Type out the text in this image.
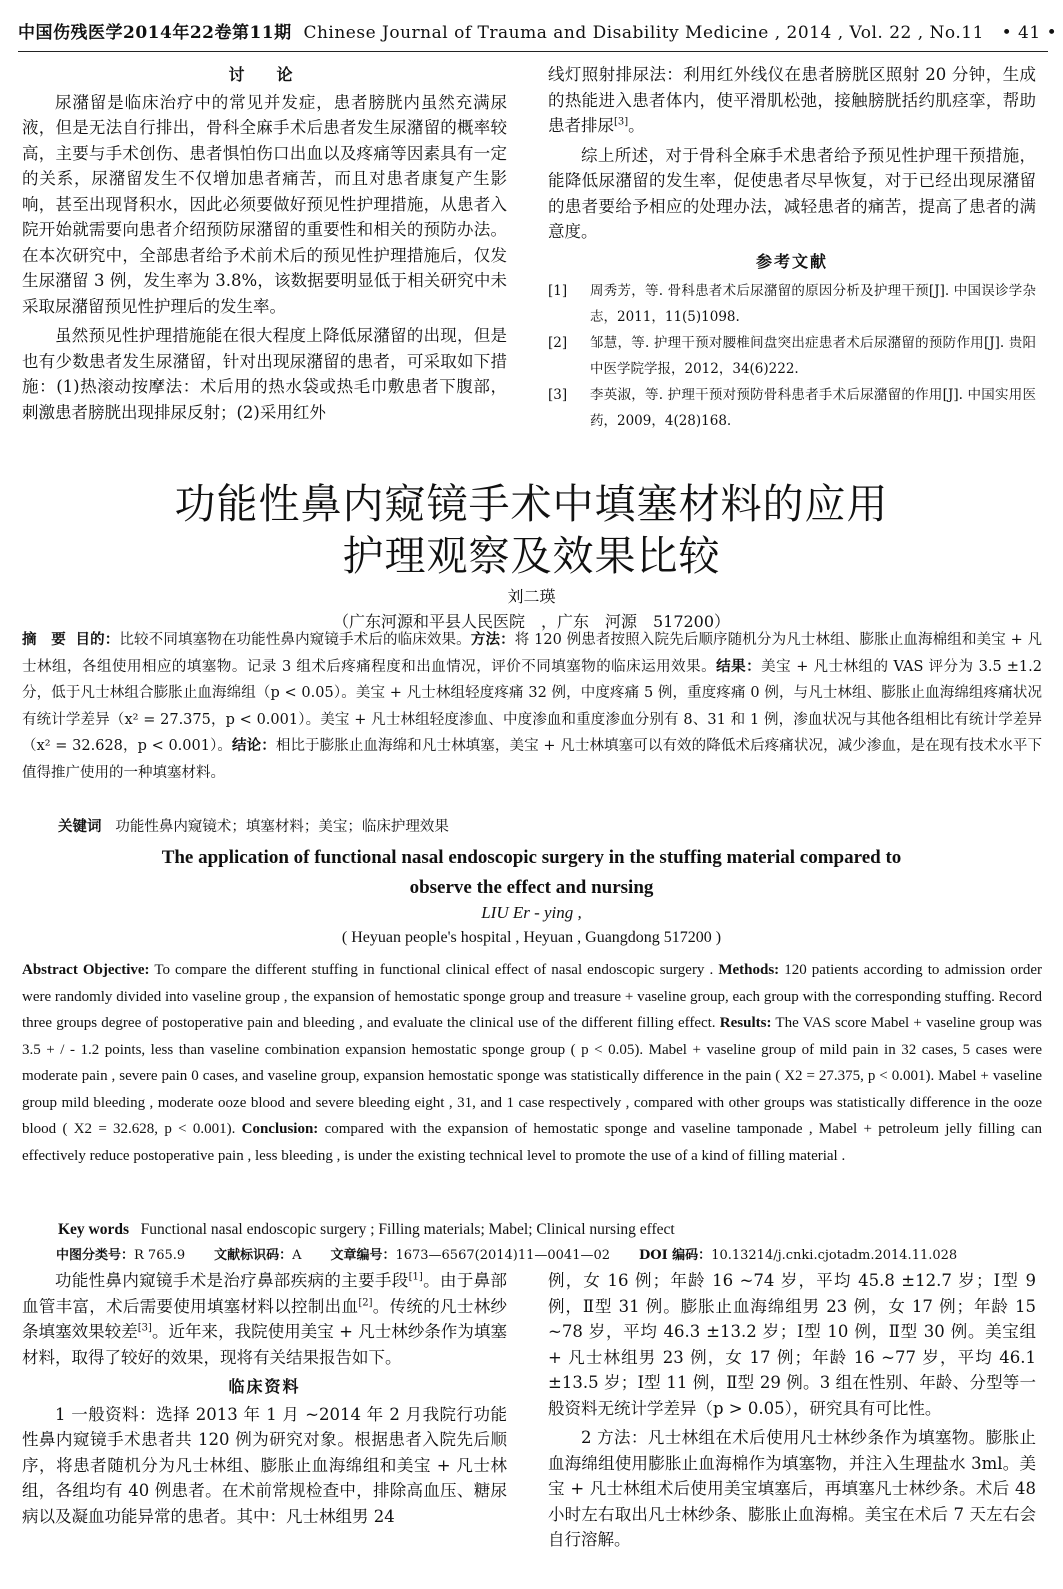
中国伤残医学2014年22卷第11期 Chinese Journal of Trauma and Disability Medicine , 2014 , Vol. 22 , No.11 • 41 •
讨　论

尿潴留是临床治疗中的常见并发症，患者膀胱内虽然充满尿液，但是无法自行排出，骨科全麻手术后患者发生尿潴留的概率较高，主要与手术创伤、患者惧怕伤口出血以及疼痛等因素具有一定的关系，尿潴留发生不仅增加患者痛苦，而且对患者康复产生影响，甚至出现肾积水，因此必须要做好预见性护理措施，从患者入院开始就需要向患者介绍预防尿潴留的重要性和相关的预防办法。在本次研究中，全部患者给予术前术后的预见性护理措施后，仅发生尿潴留 3 例，发生率为 3.8%，该数据要明显低于相关研究中未采取尿潴留预见性护理后的发生率。

虽然预见性护理措施能在很大程度上降低尿潴留的出现，但是也有少数患者发生尿潴留，针对出现尿潴留的患者，可采取如下措施：(1)热滚动按摩法：术后用的热水袋或热毛巾敷患者下腹部，刺激患者膀胱出现排尿反射；(2)采用红外

线灯照射排尿法：利用红外线仪在患者膀胱区照射 20 分钟，生成的热能进入患者体内，使平滑肌松弛，接触膀胱括约肌痉挛，帮助患者排尿[3]。

综上所述，对于骨科全麻手术患者给予预见性护理干预措施，能降低尿潴留的发生率，促使患者尽早恢复，对于已经出现尿潴留的患者要给予相应的处理办法，减轻患者的痛苦，提高了患者的满意度。

参考文献
[1]	周秀芳，等. 骨科患者术后尿潴留的原因分析及护理干预[J]. 中国误诊学杂志，2011，11(5)1098.
[2]	邹慧，等. 护理干预对腰椎间盘突出症患者术后尿潴留的预防作用[J]. 贵阳中医学院学报，2012，34(6)222.
[3]	李英淑，等. 护理干预对预防骨科患者手术后尿潴留的作用[J]. 中国实用医药，2009，4(28)168.
功能性鼻内窥镜手术中填塞材料的应用
护理观察及效果比较
刘二瑛
（广东河源和平县人民医院　，广东　河源　517200）
摘　要 目的：比较不同填塞物在功能性鼻内窥镜手术后的临床效果。方法：将 120 例患者按照入院先后顺序随机分为凡士林组、膨胀止血海棉组和美宝 + 凡士林组，各组使用相应的填塞物。记录 3 组术后疼痛程度和出血情况，评价不同填塞物的临床运用效果。结果：美宝 + 凡士林组的 VAS 评分为 3.5 ±1.2 分，低于凡士林组合膨胀止血海绵组（p < 0.05）。美宝 + 凡士林组轻度疼痛 32 例，中度疼痛 5 例，重度疼痛 0 例，与凡士林组、膨胀止血海绵组疼痛状况有统计学差异（x² = 27.375，p < 0.001）。美宝 + 凡士林组轻度渗血、中度渗血和重度渗血分别有 8、31 和 1 例，渗血状况与其他各组相比有统计学差异（x² = 32.628，p < 0.001）。结论：相比于膨胀止血海绵和凡士林填塞，美宝 + 凡士林填塞可以有效的降低术后疼痛状况，减少渗血，是在现有技术水平下值得推广使用的一种填塞材料。
关键词 功能性鼻内窥镜术；填塞材料；美宝；临床护理效果
The application of functional nasal endoscopic surgery in the stuffing material compared to
observe the effect and nursing
LIU Er - ying ,
( Heyuan people's hospital , Heyuan , Guangdong 517200 )
Abstract Objective: To compare the different stuffing in functional clinical effect of nasal endoscopic surgery . Methods: 120 patients according to admission order were randomly divided into vaseline group , the expansion of hemostatic sponge group and treasure + vaseline group, each group with the corresponding stuffing. Record three groups degree of postoperative pain and bleeding , and evaluate the clinical use of the different filling effect. Results: The VAS score Mabel + vaseline group was 3.5 + / - 1.2 points, less than vaseline combination expansion hemostatic sponge group ( p < 0.05). Mabel + vaseline group of mild pain in 32 cases, 5 cases were moderate pain , severe pain 0 cases, and vaseline group, expansion hemostatic sponge was statistically difference in the pain ( X2 = 27.375, p < 0.001). Mabel + vaseline group mild bleeding , moderate ooze blood and severe bleeding eight , 31, and 1 case respectively , compared with other groups was statistically difference in the ooze blood ( X2 = 32.628, p < 0.001). Conclusion: compared with the expansion of hemostatic sponge and vaseline tamponade , Mabel + petroleum jelly filling can effectively reduce postoperative pain , less bleeding , is under the existing technical level to promote the use of a kind of filling material .
Key words Functional nasal endoscopic surgery ; Filling materials; Mabel; Clinical nursing effect
中图分类号：R 765.9 文献标识码：A 文章编号：1673—6567(2014)11—0041—02 DOI 编码：10.13214/j.cnki.cjotadm.2014.11.028

功能性鼻内窥镜手术是治疗鼻部疾病的主要手段[1]。由于鼻部血管丰富，术后需要使用填塞材料以控制出血[2]。传统的凡士林纱条填塞效果较差[3]。近年来，我院使用美宝 + 凡士林纱条作为填塞材料，取得了较好的效果，现将有关结果报告如下。

临床资料

1 一般资料：选择 2013 年 1 月 ~2014 年 2 月我院行功能性鼻内窥镜手术患者共 120 例为研究对象。根据患者入院先后顺序，将患者随机分为凡士林组、膨胀止血海绵组和美宝 + 凡士林组，各组均有 40 例患者。在术前常规检查中，排除高血压、糖尿病以及凝血功能异常的患者。其中：凡士林组男 24

例，女 16 例；年龄 16 ~74 岁，平均 45.8 ±12.7 岁；Ⅰ型 9 例，Ⅱ型 31 例。膨胀止血海绵组男 23 例，女 17 例；年龄 15 ~78 岁，平均 46.3 ±13.2 岁；Ⅰ型 10 例，Ⅱ型 30 例。美宝组 + 凡士林组男 23 例，女 17 例；年龄 16 ~77 岁，平均 46.1 ±13.5 岁；Ⅰ型 11 例，Ⅱ型 29 例。3 组在性别、年龄、分型等一般资料无统计学差异（p > 0.05），研究具有可比性。

2 方法：凡士林组在术后使用凡士林纱条作为填塞物。膨胀止血海绵组使用膨胀止血海棉作为填塞物，并注入生理盐水 3ml。美宝 + 凡士林组术后使用美宝填塞后，再填塞凡士林纱条。术后 48 小时左右取出凡士林纱条、膨胀止血海棉。美宝在术后 7 天左右会自行溶解。
